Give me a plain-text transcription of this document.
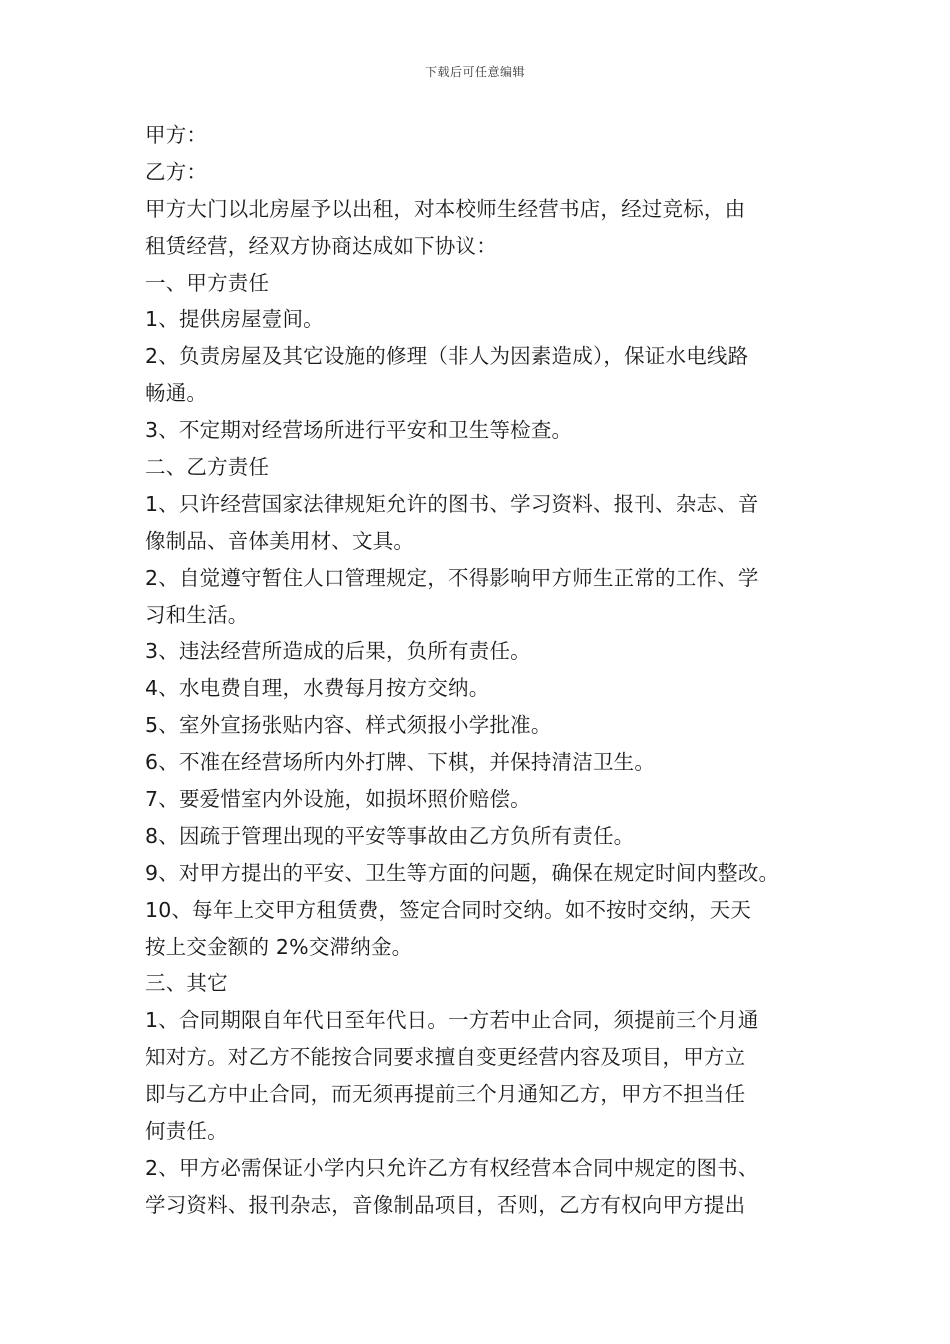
下载后可任意编辑
甲方：
乙方：
甲方大门以北房屋予以出租，对本校师生经营书店，经过竞标，由
租赁经营，经双方协商达成如下协议：
一、甲方责任
1、提供房屋壹间。
2、负责房屋及其它设施的修理（非人为因素造成），保证水电线路
畅通。
3、不定期对经营场所进行平安和卫生等检查。
二、乙方责任
1、只许经营国家法律规矩允许的图书、学习资料、报刊、杂志、音
像制品、音体美用材、文具。
2、自觉遵守暂住人口管理规定，不得影响甲方师生正常的工作、学
习和生活。
3、违法经营所造成的后果，负所有责任。
4、水电费自理，水费每月按方交纳。
5、室外宣扬张贴内容、样式须报小学批准。
6、不准在经营场所内外打牌、下棋，并保持清洁卫生。
7、要爱惜室内外设施，如损坏照价赔偿。
8、因疏于管理出现的平安等事故由乙方负所有责任。
9、对甲方提出的平安、卫生等方面的问题，确保在规定时间内整改。
10、每年上交甲方租赁费，签定合同时交纳。如不按时交纳，天天
按上交金额的 2%交滞纳金。
三、其它
1、合同期限自年代日至年代日。一方若中止合同，须提前三个月通
知对方。对乙方不能按合同要求擅自变更经营内容及项目，甲方立
即与乙方中止合同，而无须再提前三个月通知乙方，甲方不担当任
何责任。
2、甲方必需保证小学内只允许乙方有权经营本合同中规定的图书、
学习资料、报刊杂志，音像制品项目，否则，乙方有权向甲方提出
